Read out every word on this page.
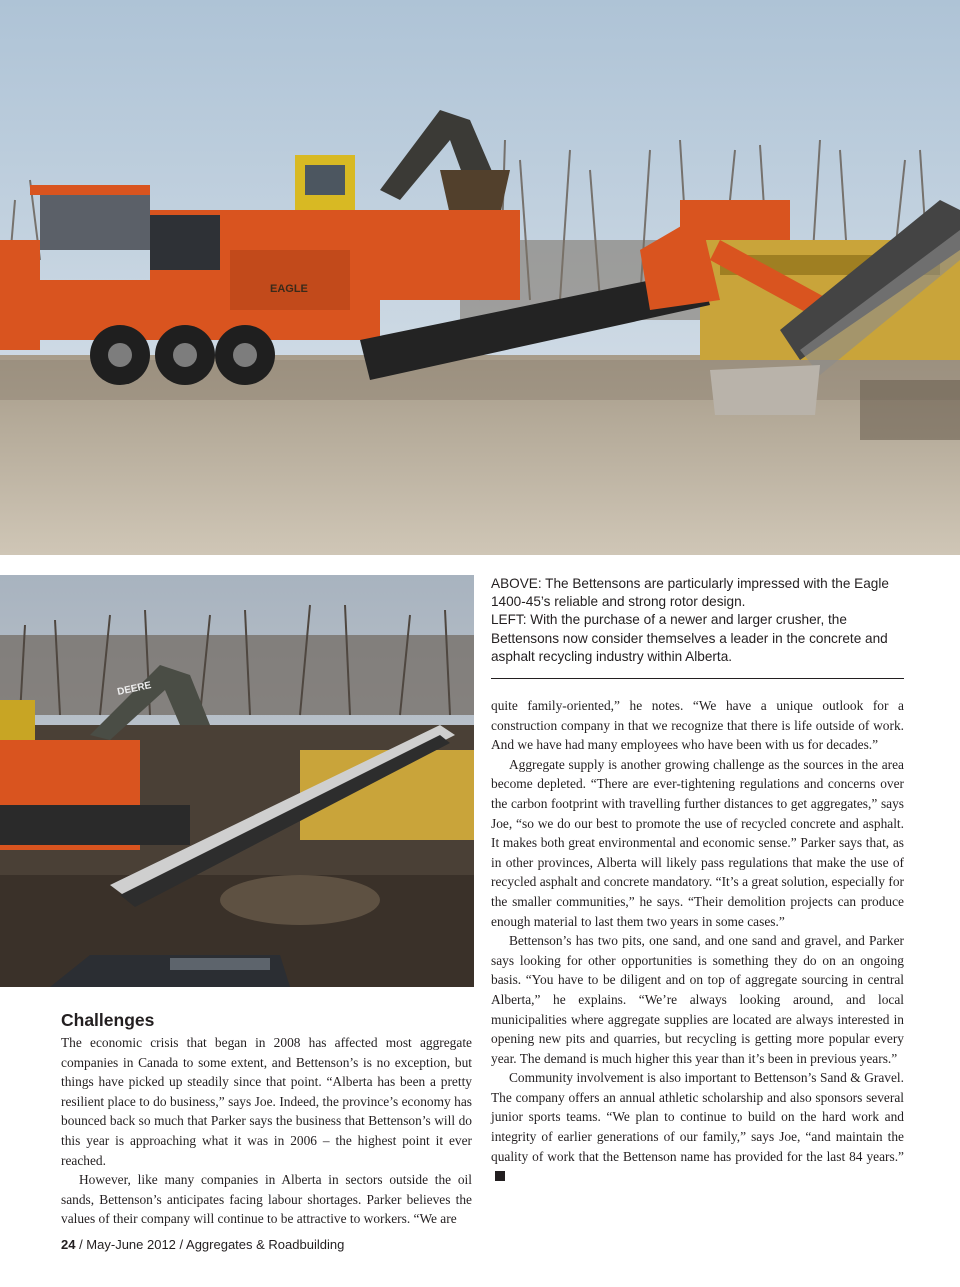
EAGLE
DEERE

ABOVE: The Bettensons are particularly impressed with the Eagle 1400-45’s reliable and strong rotor design.

LEFT: With the purchase of a newer and larger crusher, the Bettensons now consider themselves a leader in the concrete and asphalt recycling industry within Alberta.

quite family-oriented,” he notes. “We have a unique outlook for a construction company in that we recognize that there is life outside of work. And we have had many employees who have been with us for decades.”

Aggregate supply is another growing challenge as the sources in the area become depleted. “There are ever-tightening regulations and concerns over the carbon footprint with travelling further distances to get aggregates,” says Joe, “so we do our best to promote the use of recycled concrete and asphalt. It makes both great environmental and economic sense.” Parker says that, as in other provinces, Alberta will likely pass regulations that make the use of recycled asphalt and concrete mandatory. “It’s a great solution, especially for the smaller communities,” he says. “Their demolition projects can produce enough material to last them two years in some cases.”

Bettenson’s has two pits, one sand, and one sand and gravel, and Parker says looking for other opportunities is something they do on an ongoing basis. “You have to be diligent and on top of aggregate sourcing in central Alberta,” he explains. “We’re always looking around, and local municipalities where aggregate supplies are located are always interested in opening new pits and quarries, but recycling is getting more popular every year. The demand is much higher this year than it’s been in previous years.”

Community involvement is also important to Bettenson’s Sand & Gravel. The company offers an annual athletic scholarship and also sponsors several junior sports teams. “We plan to continue to build on the hard work and integrity of earlier generations of our family,” says Joe, “and maintain the quality of work that the Bettenson name has provided for the last 84 years.”

Challenges

The economic crisis that began in 2008 has affected most aggregate companies in Canada to some extent, and Bettenson’s is no exception, but things have picked up steadily since that point. “Alberta has been a pretty resilient place to do business,” says Joe. Indeed, the province’s economy has bounced back so much that Parker says the business that Bettenson’s will do this year is approaching what it was in 2006 – the highest point it ever reached.

However, like many companies in Alberta in sectors outside the oil sands, Bettenson’s anticipates facing labour shortages. Parker believes the values of their company will continue to be attractive to workers. “We are

24 / May-June 2012 / Aggregates & Roadbuilding
